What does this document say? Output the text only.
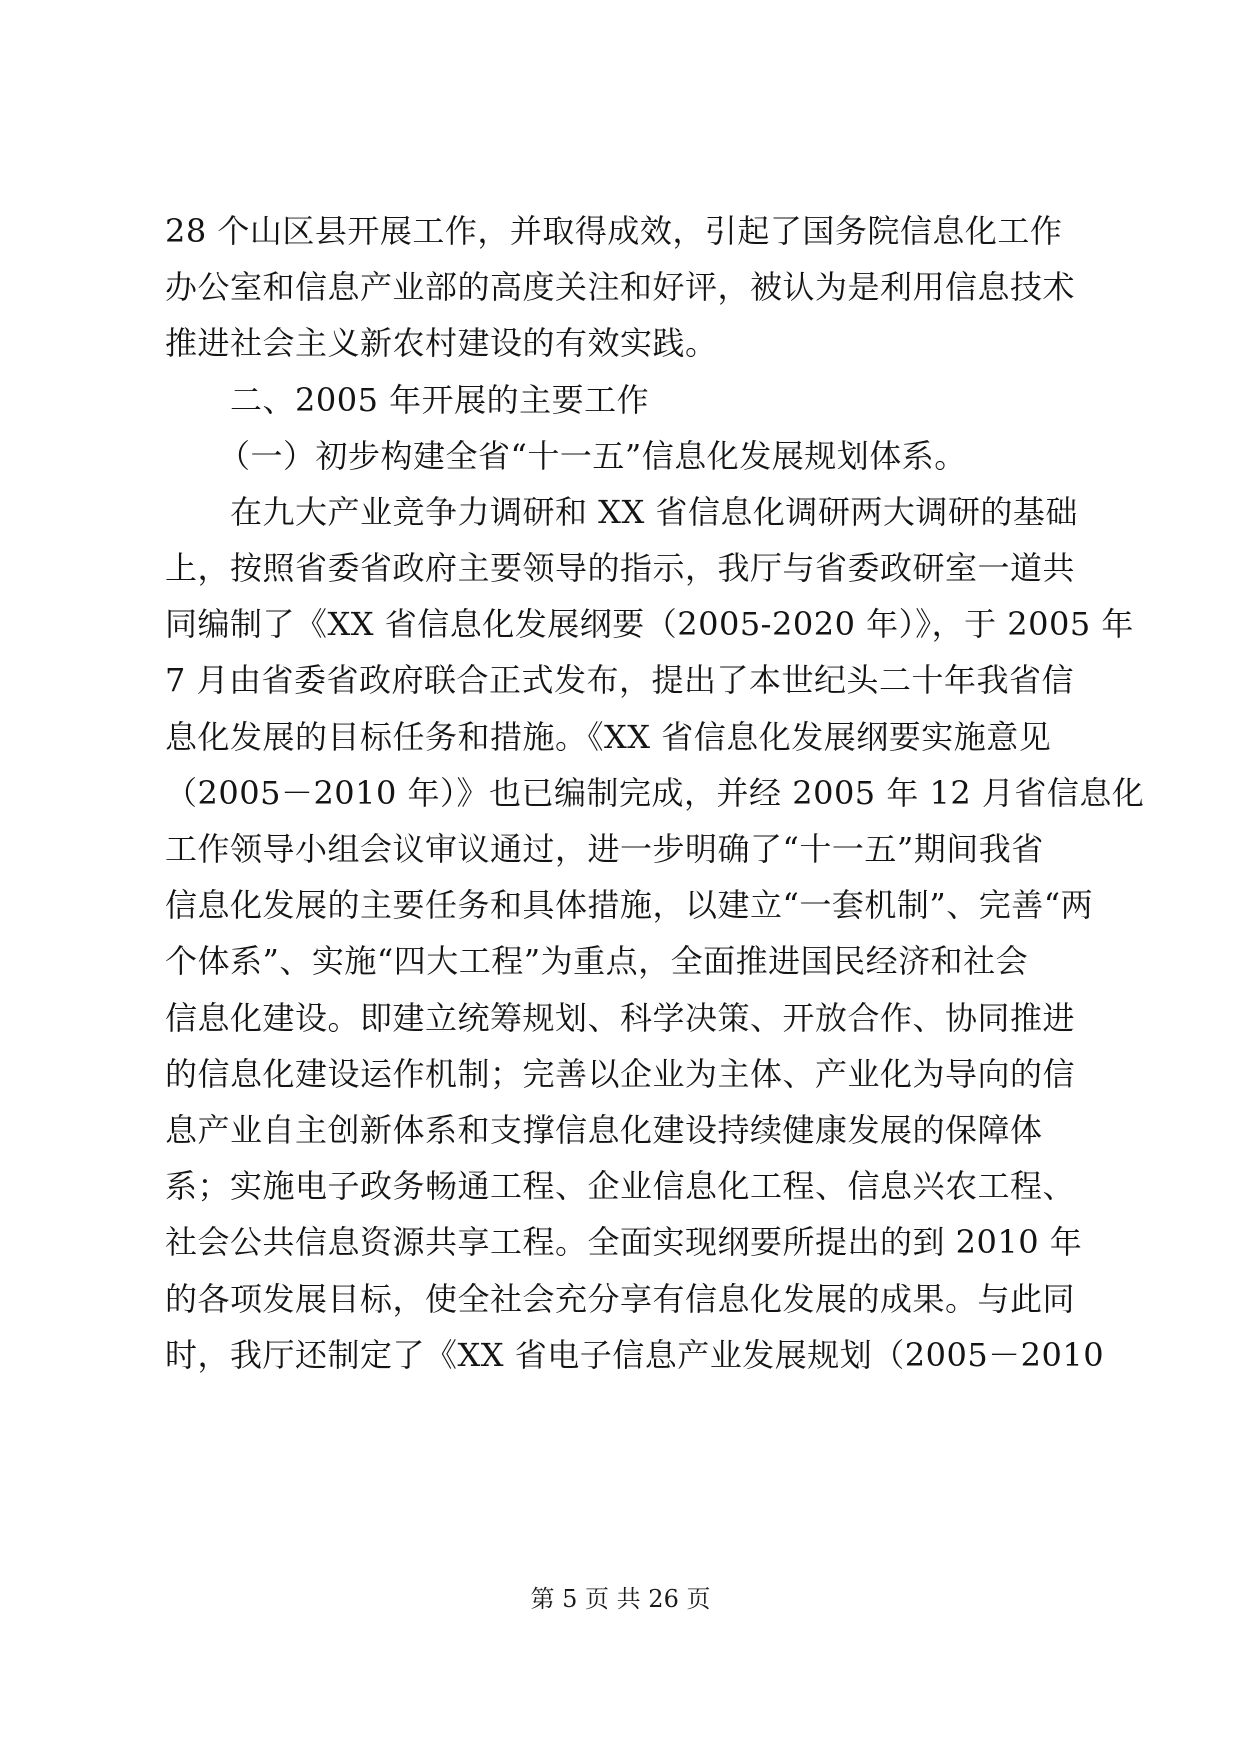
28 个山区县开展工作，并取得成效，引起了国务院信息化工作
办公室和信息产业部的高度关注和好评，被认为是利用信息技术
推进社会主义新农村建设的有效实践。
二、2005 年开展的主要工作
（一）初步构建全省“十一五”信息化发展规划体系。
在九大产业竞争力调研和 XX 省信息化调研两大调研的基础
上，按照省委省政府主要领导的指示，我厅与省委政研室一道共
同编制了《XX 省信息化发展纲要（2005-2020 年）》，于 2005 年
7 月由省委省政府联合正式发布，提出了本世纪头二十年我省信
息化发展的目标任务和措施。《XX 省信息化发展纲要实施意见
（2005－2010 年）》也已编制完成，并经 2005 年 12 月省信息化
工作领导小组会议审议通过，进一步明确了“十一五”期间我省
信息化发展的主要任务和具体措施，以建立“一套机制”、完善“两
个体系”、实施“四大工程”为重点，全面推进国民经济和社会
信息化建设。即建立统筹规划、科学决策、开放合作、协同推进
的信息化建设运作机制；完善以企业为主体、产业化为导向的信
息产业自主创新体系和支撑信息化建设持续健康发展的保障体
系；实施电子政务畅通工程、企业信息化工程、信息兴农工程、
社会公共信息资源共享工程。全面实现纲要所提出的到 2010 年
的各项发展目标，使全社会充分享有信息化发展的成果。与此同
时，我厅还制定了《XX 省电子信息产业发展规划（2005－2010
第 5 页 共 26 页
